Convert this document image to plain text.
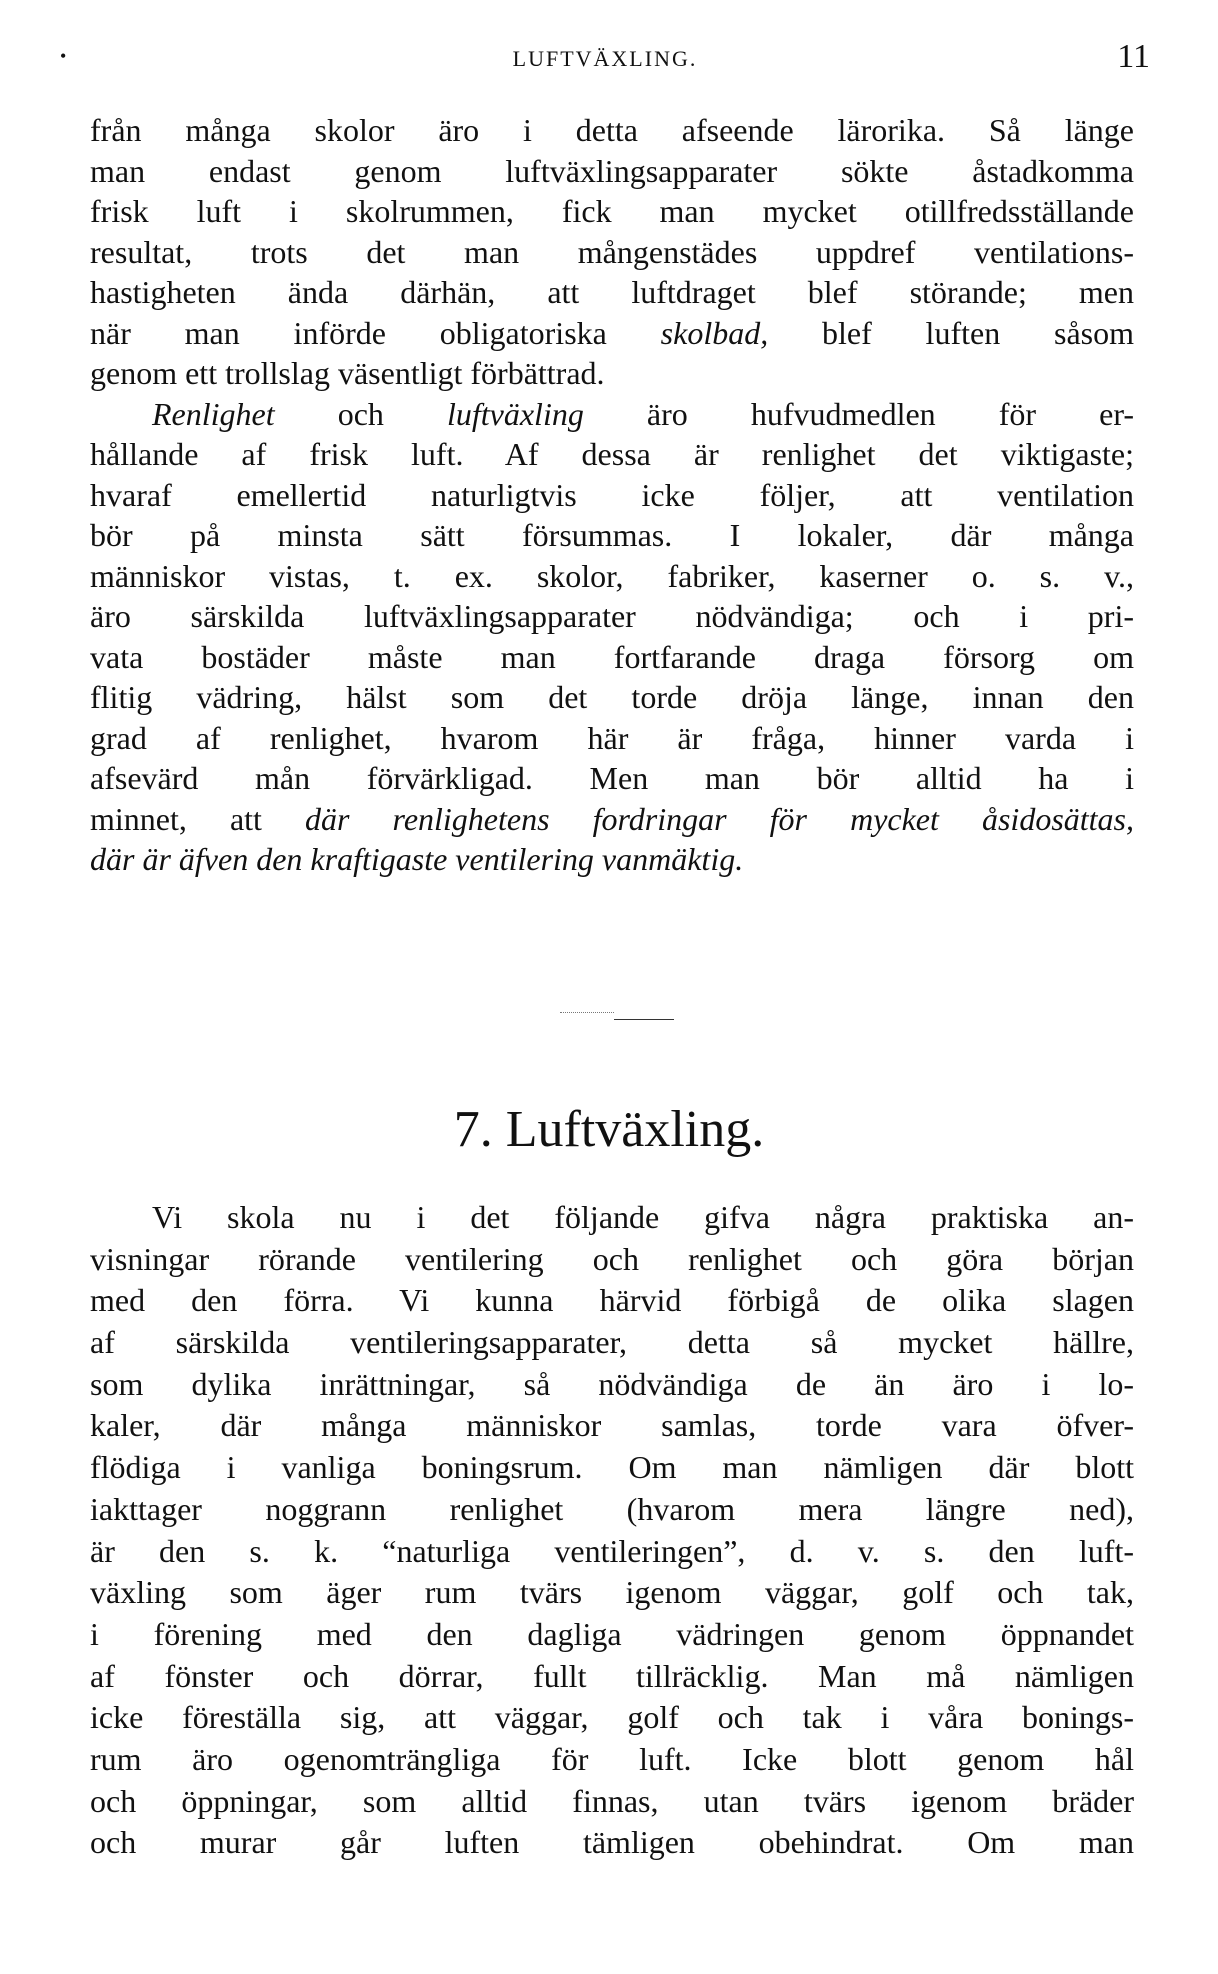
•	LUFTVÄXLING.	11
från många skolor äro i detta afseende lärorika. Så länge
man endast genom luftväxlingsapparater sökte åstadkomma
frisk luft i skolrummen, fick man mycket otillfredsställande
resultat, trots det man mångenstädes uppdref ventilations-
hastigheten ända därhän, att luftdraget blef störande; men
när man införde obligatoriska skolbad, blef luften såsom
genom ett trollslag väsentligt förbättrad.
Renlighet och luftväxling äro hufvudmedlen för er-
hållande af frisk luft. Af dessa är renlighet det viktigaste;
hvaraf emellertid naturligtvis icke följer, att ventilation
bör på minsta sätt försummas. I lokaler, där många
människor vistas, t. ex. skolor, fabriker, kaserner o. s. v.,
äro särskilda luftväxlingsapparater nödvändiga; och i pri-
vata bostäder måste man fortfarande draga försorg om
flitig vädring, hälst som det torde dröja länge, innan den
grad af renlighet, hvarom här är fråga, hinner varda i
afsevärd mån förvärkligad. Men man bör alltid ha i
minnet, att där renlighetens fordringar för mycket åsidosättas,
där är äfven den kraftigaste ventilering vanmäktig.
7. Luftväxling.
Vi skola nu i det följande gifva några praktiska an-
visningar rörande ventilering och renlighet och göra början
med den förra. Vi kunna härvid förbigå de olika slagen
af särskilda ventileringsapparater, detta så mycket hällre,
som dylika inrättningar, så nödvändiga de än äro i lo-
kaler, där många människor samlas, torde vara öfver-
flödiga i vanliga boningsrum. Om man nämligen där blott
iakttager noggrann renlighet (hvarom mera längre ned),
är den s. k. “naturliga ventileringen”, d. v. s. den luft-
växling som äger rum tvärs igenom väggar, golf och tak,
i förening med den dagliga vädringen genom öppnandet
af fönster och dörrar, fullt tillräcklig. Man må nämligen
icke föreställa sig, att väggar, golf och tak i våra bonings-
rum äro ogenomträngliga för luft. Icke blott genom hål
och öppningar, som alltid finnas, utan tvärs igenom bräder
och murar går luften tämligen obehindrat. Om man
